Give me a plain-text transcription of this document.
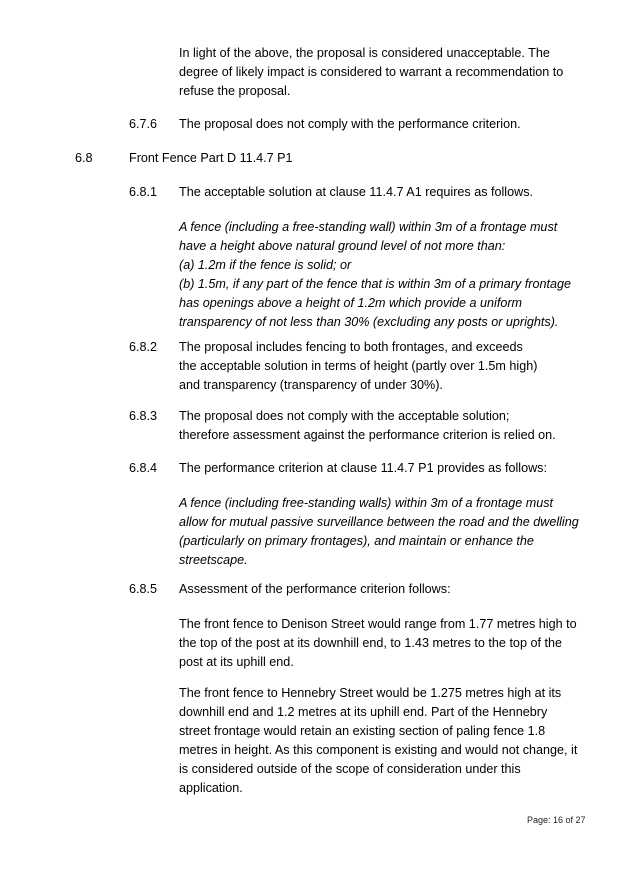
In light of the above, the proposal is considered unacceptable. The degree of likely impact is considered to warrant a recommendation to refuse the proposal.

6.7.6 The proposal does not comply with the performance criterion.

6.8	Front Fence Part D 11.4.7 P1

6.8.1 The acceptable solution at clause 11.4.7 A1 requires as follows.

A fence (including a free-standing wall) within 3m of a frontage must
have a height above natural ground level of not more than:
(a) 1.2m if the fence is solid; or
(b) 1.5m, if any part of the fence that is within 3m of a primary frontage
has openings above a height of 1.2m which provide a uniform
transparency of not less than 30% (excluding any posts or uprights).
6.8.2 The proposal includes fencing to both frontages, and exceeds the acceptable solution in terms of height (partly over 1.5m high) and transparency (transparency of under 30%).

6.8.3 The proposal does not comply with the acceptable solution; therefore assessment against the performance criterion is relied on.

6.8.4 The performance criterion at clause 11.4.7 P1 provides as follows:

A fence (including free-standing walls) within 3m of a frontage must allow for mutual passive surveillance between the road and the dwelling (particularly on primary frontages), and maintain or enhance the streetscape.

6.8.5 Assessment of the performance criterion follows:

The front fence to Denison Street would range from 1.77 metres high to the top of the post at its downhill end, to 1.43 metres to the top of the post at its uphill end.

The front fence to Hennebry Street would be 1.275 metres high at its downhill end and 1.2 metres at its uphill end. Part of the Hennebry street frontage would retain an existing section of paling fence 1.8 metres in height. As this component is existing and would not change, it is considered outside of the scope of consideration under this application.

Page: 16 of 27
